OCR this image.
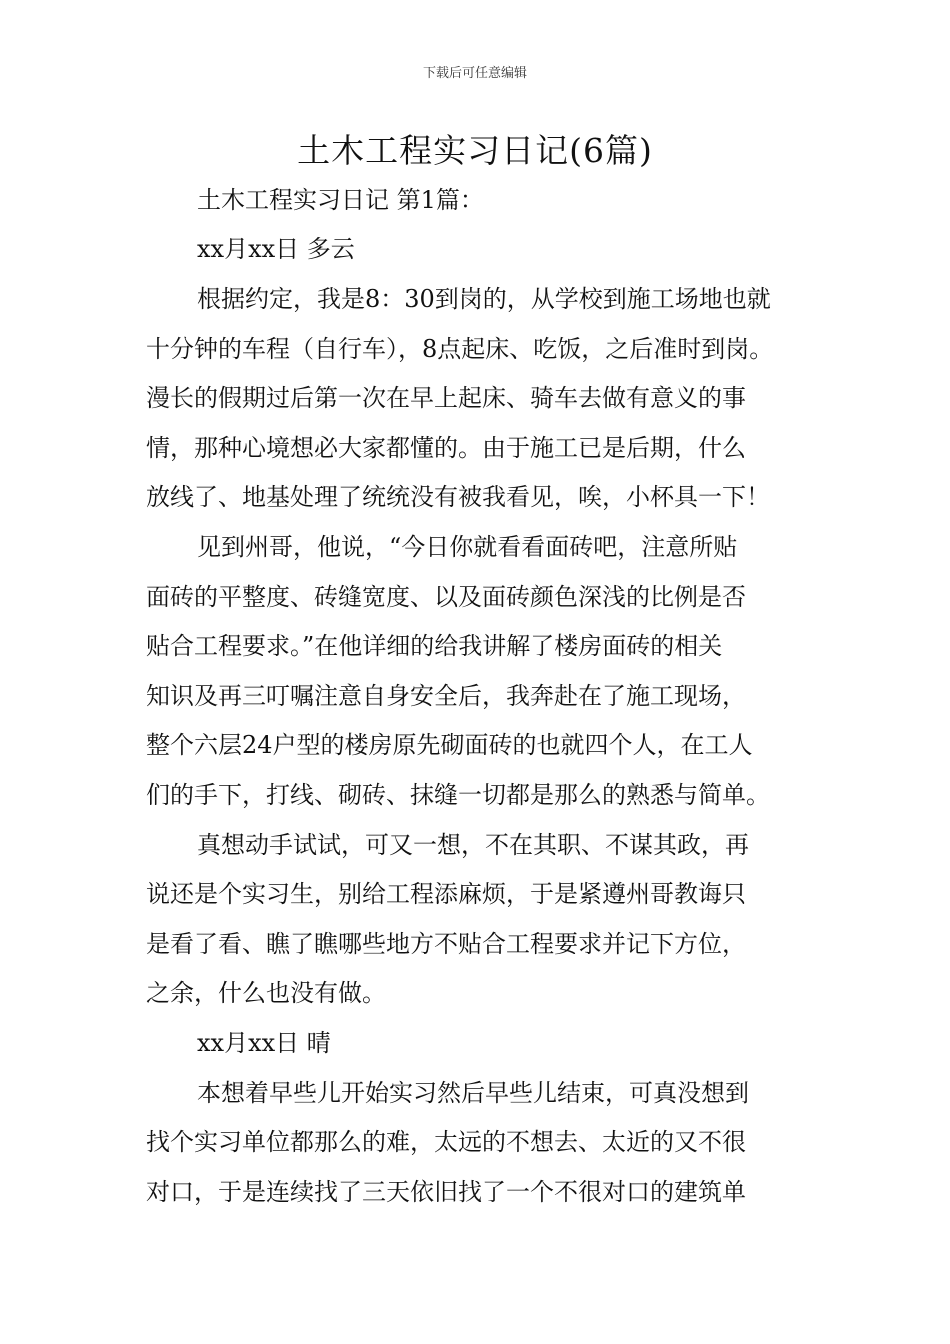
下载后可任意编辑
土木工程实习日记(6篇)

土木工程实习日记 第1篇：

xx月xx日 多云

根据约定，我是8：30到岗的，从学校到施工场地也就

十分钟的车程（自行车），8点起床、吃饭，之后准时到岗。

漫长的假期过后第一次在早上起床、骑车去做有意义的事

情，那种心境想必大家都懂的。由于施工已是后期，什么

放线了、地基处理了统统没有被我看见，唉，小杯具一下！

见到州哥，他说，“今日你就看看面砖吧，注意所贴

面砖的平整度、砖缝宽度、以及面砖颜色深浅的比例是否

贴合工程要求。”在他详细的给我讲解了楼房面砖的相关

知识及再三叮嘱注意自身安全后，我奔赴在了施工现场，

整个六层24户型的楼房原先砌面砖的也就四个人，在工人

们的手下，打线、砌砖、抹缝一切都是那么的熟悉与简单。

真想动手试试，可又一想，不在其职、不谋其政，再

说还是个实习生，别给工程添麻烦，于是紧遵州哥教诲只

是看了看、瞧了瞧哪些地方不贴合工程要求并记下方位，

之余，什么也没有做。

xx月xx日 晴

本想着早些儿开始实习然后早些儿结束，可真没想到

找个实习单位都那么的难，太远的不想去、太近的又不很

对口，于是连续找了三天依旧找了一个不很对口的建筑单
